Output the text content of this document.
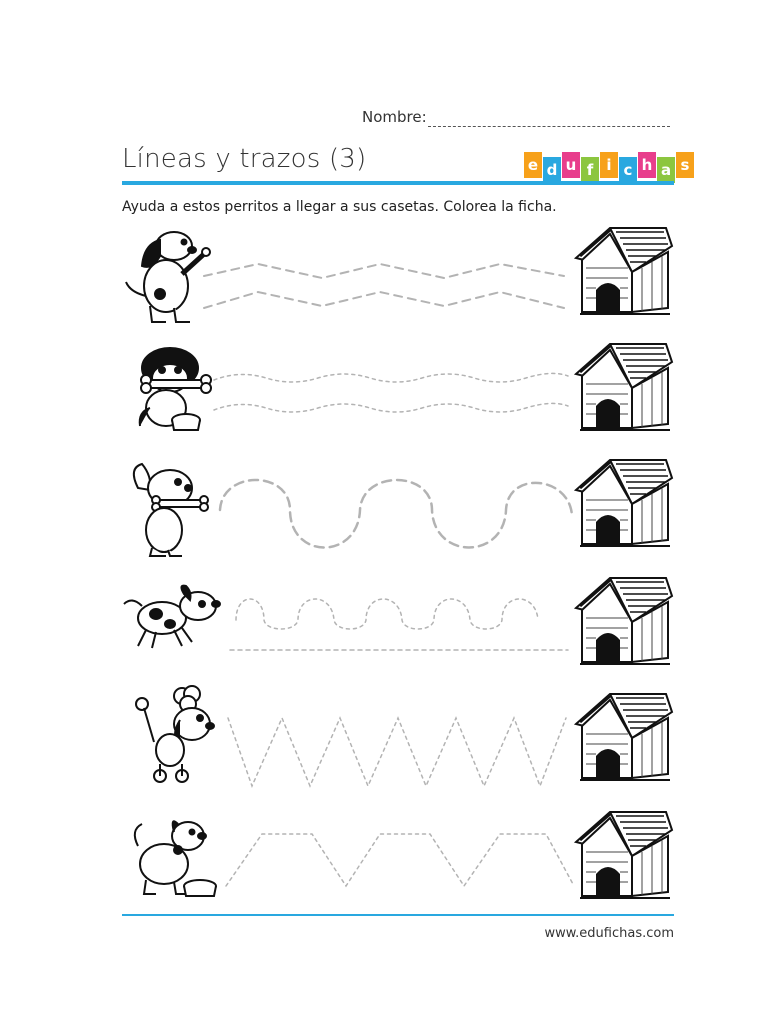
Nombre:
Líneas y trazos (3)	e d u f i c h a s
Ayuda a estos perritos a llegar a sus casetas. Colorea la ficha.
www.edufichas.com
